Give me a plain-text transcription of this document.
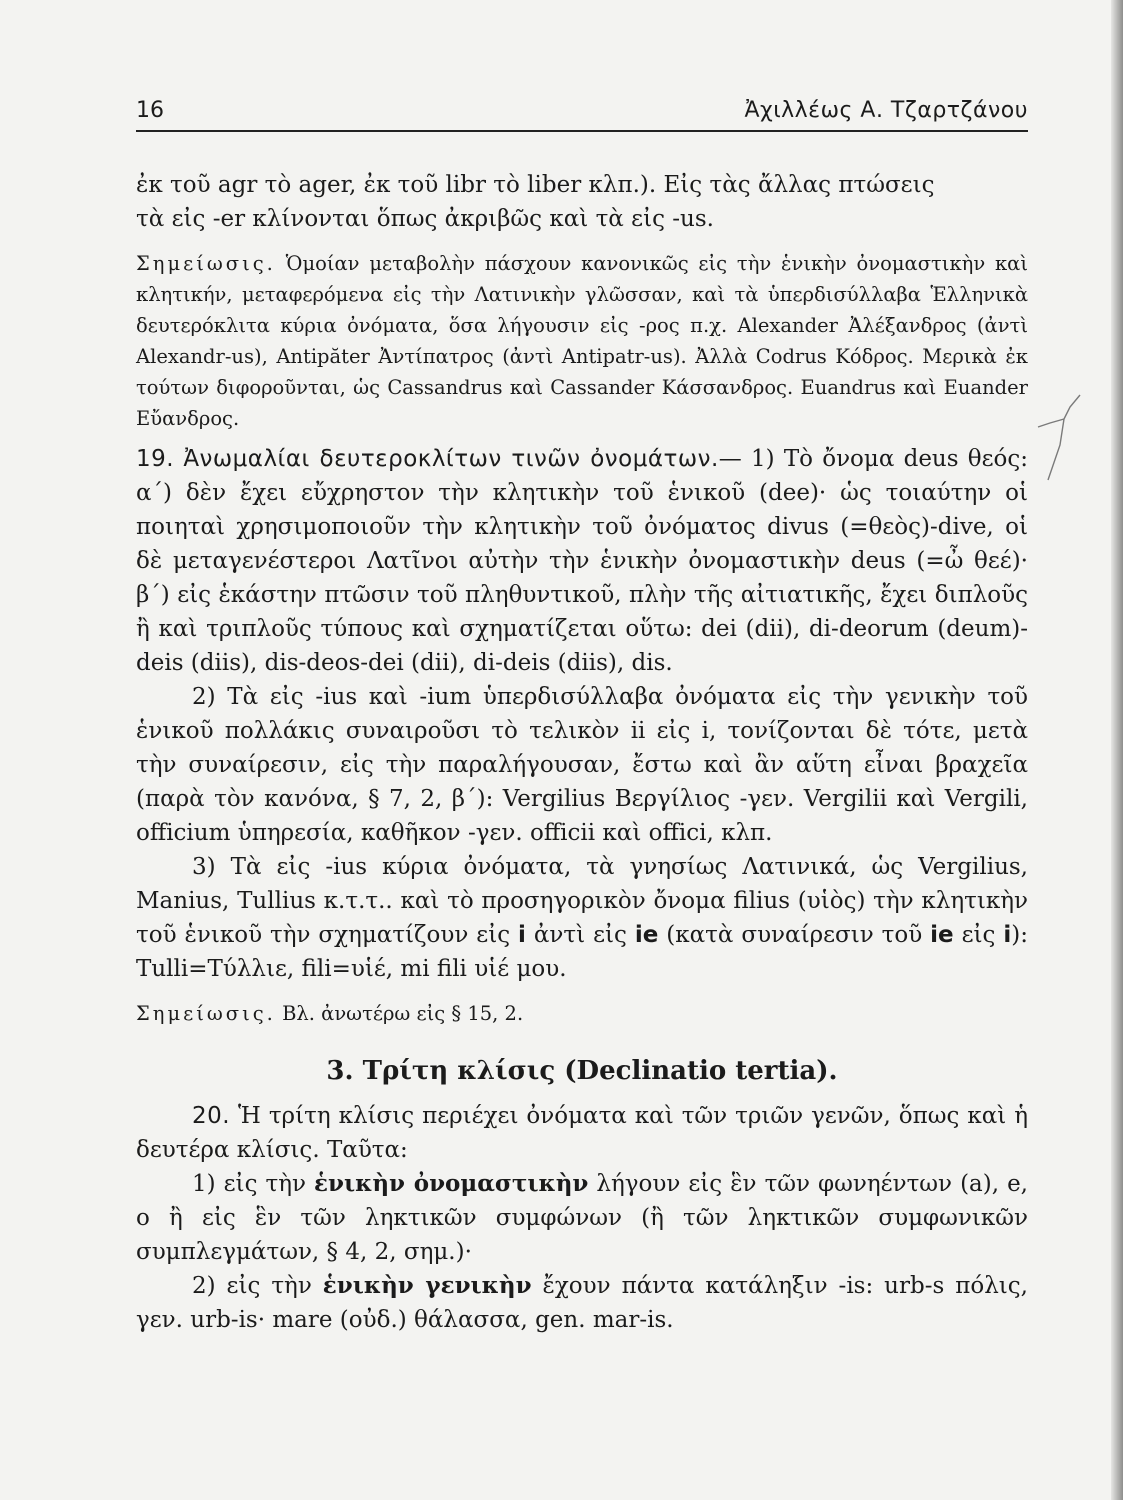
16	Ἀχιλλέως Α. Τζαρτζάνου

ἐκ τοῦ agr τὸ ager, ἐκ τοῦ libr τὸ liber κλπ.). Εἰς τὰς ἄλλας πτώσεις

τὰ εἰς -er κλίνονται ὅπως ἀκριβῶς καὶ τὰ εἰς -us.

Σημείωσις. Ὁμοίαν μεταβολὴν πάσχουν κανονικῶς εἰς τὴν ἑνικὴν ὀνομαστικὴν καὶ κλητικήν, μεταφερόμενα εἰς τὴν Λατινικὴν γλῶσσαν, καὶ τὰ ὑπερδισύλλαβα Ἑλληνικὰ δευτερόκλιτα κύρια ὀνόματα, ὅσα λήγουσιν εἰς -ρος π.χ. Alexander Ἀλέξανδρος (ἀντὶ Alexandr-us), Antipăter Ἀντίπατρος (ἀντὶ Antipatr-us). Ἀλλὰ Codrus Κόδρος. Μερικὰ ἐκ τούτων διφοροῦνται, ὡς Cassandrus καὶ Cassander Κάσσανδρος. Euandrus καὶ Euander Εὔανδρος.

19. Ἀνωμαλίαι δευτεροκλίτων τινῶν ὀνομάτων.— 1) Τὸ ὄνομα deus θεός: α΄) δὲν ἔχει εὔχρηστον τὴν κλητικὴν τοῦ ἑνικοῦ (dee)· ὡς τοιαύτην οἱ ποιηταὶ χρησιμοποιοῦν τὴν κλητικὴν τοῦ ὀνόματος divus (=θεὸς)-dive, οἱ δὲ μεταγενέστεροι Λατῖνοι αὐτὴν τὴν ἑνικὴν ὀνομαστικὴν deus (=ὦ θεέ)· β΄) εἰς ἑκάστην πτῶσιν τοῦ πληθυντικοῦ, πλὴν τῆς αἰτιατικῆς, ἔχει διπλοῦς ἢ καὶ τριπλοῦς τύπους καὶ σχηματίζεται οὕτω: dei (dii), di-deorum (deum)-deis (diis), dis-deos-dei (dii), di-deis (diis), dis.

2) Τὰ εἰς -ius καὶ -ium ὑπερδισύλλαβα ὀνόματα εἰς τὴν γενικὴν τοῦ ἑνικοῦ πολλάκις συναιροῦσι τὸ τελικὸν ii εἰς i, τονίζονται δὲ τότε, μετὰ τὴν συναίρεσιν, εἰς τὴν παραλήγουσαν, ἔστω καὶ ἂν αὕτη εἶναι βραχεῖα (παρὰ τὸν κανόνα, § 7, 2, β΄): Vergilius Βεργίλιος -γεν. Vergilii καὶ Vergili, officium ὑπηρεσία, καθῆκον -γεν. officii καὶ offici, κλπ.

3) Τὰ εἰς -ius κύρια ὀνόματα, τὰ γνησίως Λατινικά, ὡς Vergilius, Manius, Tullius κ.τ.τ.. καὶ τὸ προσηγορικὸν ὄνομα filius (υἱὸς) τὴν κλητικὴν τοῦ ἑνικοῦ τὴν σχηματίζουν εἰς i ἀντὶ εἰς ie (κατὰ συναίρεσιν τοῦ ie εἰς i): Tulli=Τύλλιε, fili=υἱέ, mi fili υἱέ μου.

Σημείωσις. Βλ. ἀνωτέρω εἰς § 15, 2.

3. Τρίτη κλίσις (Declinatio tertia).

20. Ἡ τρίτη κλίσις περιέχει ὀνόματα καὶ τῶν τριῶν γενῶν, ὅπως καὶ ἡ δευτέρα κλίσις. Ταῦτα:

1) εἰς τὴν ἑνικὴν ὀνομαστικὴν λήγουν εἰς ἓν τῶν φωνηέντων (a), e, o ἢ εἰς ἓν τῶν ληκτικῶν συμφώνων (ἢ τῶν ληκτικῶν συμφωνικῶν συμπλεγμάτων, § 4, 2, σημ.)·

2) εἰς τὴν ἑνικὴν γενικὴν ἔχουν πάντα κατάληξιν -is: urb-s πόλις, γεν. urb-is· mare (οὐδ.) θάλασσα, gen. mar-is.
